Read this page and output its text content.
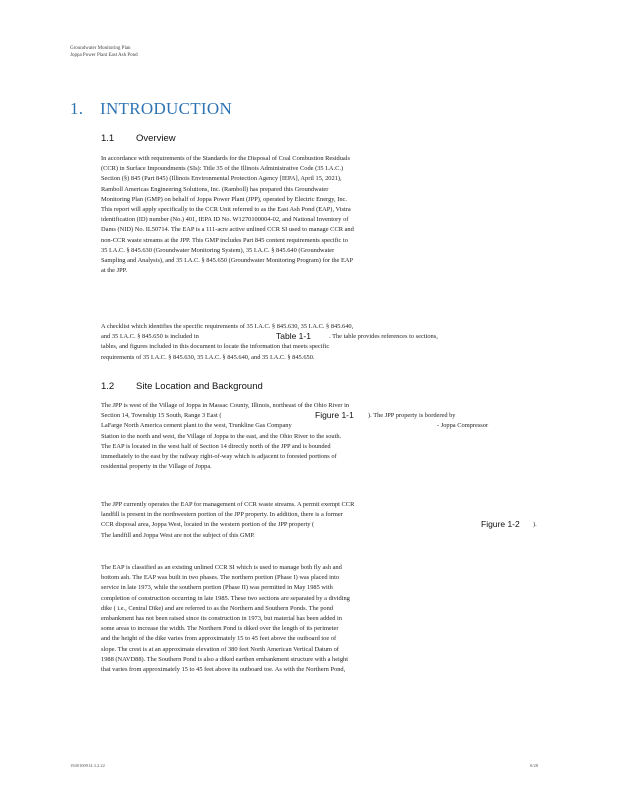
Groundwater Monitoring Plan
Joppa Power Plant East Ash Pond
1. INTRODUCTION
1.1 Overview
In accordance with requirements of the Standards for the Disposal of Coal Combustion Residuals
(CCR) in Surface Impoundments (SIs): Title 35 of the Illinois Administrative Code (35 I.A.C.)
Section (§) 845 (Part 845) (Illinois Environmental Protection Agency [IEPA], April 15, 2021),
Ramboll Americas Engineering Solutions, Inc. (Ramboll) has prepared this Groundwater
Monitoring Plan (GMP) on behalf of Joppa Power Plant (JPP), operated by Electric Energy, Inc.
This report will apply specifically to the CCR Unit referred to as the East Ash Pond (EAP), Vistra
identification (ID) number (No.) 401, IEPA ID No. W1270100004-02, and National Inventory of
Dams (NID) No. IL50714. The EAP is a 111-acre active unlined CCR SI used to manage CCR and
non-CCR waste streams at the JPP. This GMP includes Part 845 content requirements specific to
35 I.A.C. § 845.630 (Groundwater Monitoring System), 35 I.A.C. § 845.640 (Groundwater
Sampling and Analysis), and 35 I.A.C. § 845.650 (Groundwater Monitoring Program) for the EAP
at the JPP.
A checklist which identifies the specific requirements of 35 I.A.C. § 845.630, 35 I.A.C. § 845.640,
and 35 I.A.C. § 845.650 is included in	Table 1-1	. The table provides references to sections,
tables, and figures included in this document to locate the information that meets specific
requirements of 35 I.A.C. § 845.630, 35 I.A.C. § 845.640, and 35 I.A.C. § 845.650.
1.2 Site Location and Background
The JPP is west of the Village of Joppa in Massac County, Illinois, northeast of the Ohio River in
Section 14, Township 15 South, Range 3 East (	Figure 1-1 ). The JPP property is bordered by
LaFarge North America cement plant to the west, Trunkline Gas Company	- Joppa Compressor
Station to the north and west, the Village of Joppa to the east, and the Ohio River to the south.
The EAP is located in the west half of Section 14 directly north of the JPP and is bounded
immediately to the east by the railway right-of-way which is adjacent to forested portions of
residential property in the Village of Joppa.
The JPP currently operates the EAP for management of CCR waste streams. A permit exempt CCR
landfill is present in the northwestern portion of the JPP property. In addition, there is a former
CCR disposal area, Joppa West, located in the western portion of the JPP property (	Figure 1-2 ).
The landfill and Joppa West are not the subject of this GMP.
The EAP is classified as an existing unlined CCR SI which is used to manage both fly ash and
bottom ash. The EAP was built in two phases. The northern portion (Phase I) was placed into
service in late 1973, while the southern portion (Phase II) was permitted in May 1985 with
completion of construction occurring in late 1985. These two sections are separated by a dividing
dike ( i.e., Central Dike) and are referred to as the Northern and Southern Ponds. The pond
embankment has not been raised since its construction in 1973, but material has been added in
some areas to increase the width. The Northern Pond is diked over the length of its perimeter
and the height of the dike varies from approximately 15 to 45 feet above the outboard toe of
slope. The crest is at an approximate elevation of 380 feet North American Vertical Datum of
1988 (NAVD88). The Southern Pond is also a diked earthen embankment structure with a height
that varies from approximately 15 to 45 feet above its outboard toe. As with the Northern Pond,
1940100914.3.2.22	6/28
